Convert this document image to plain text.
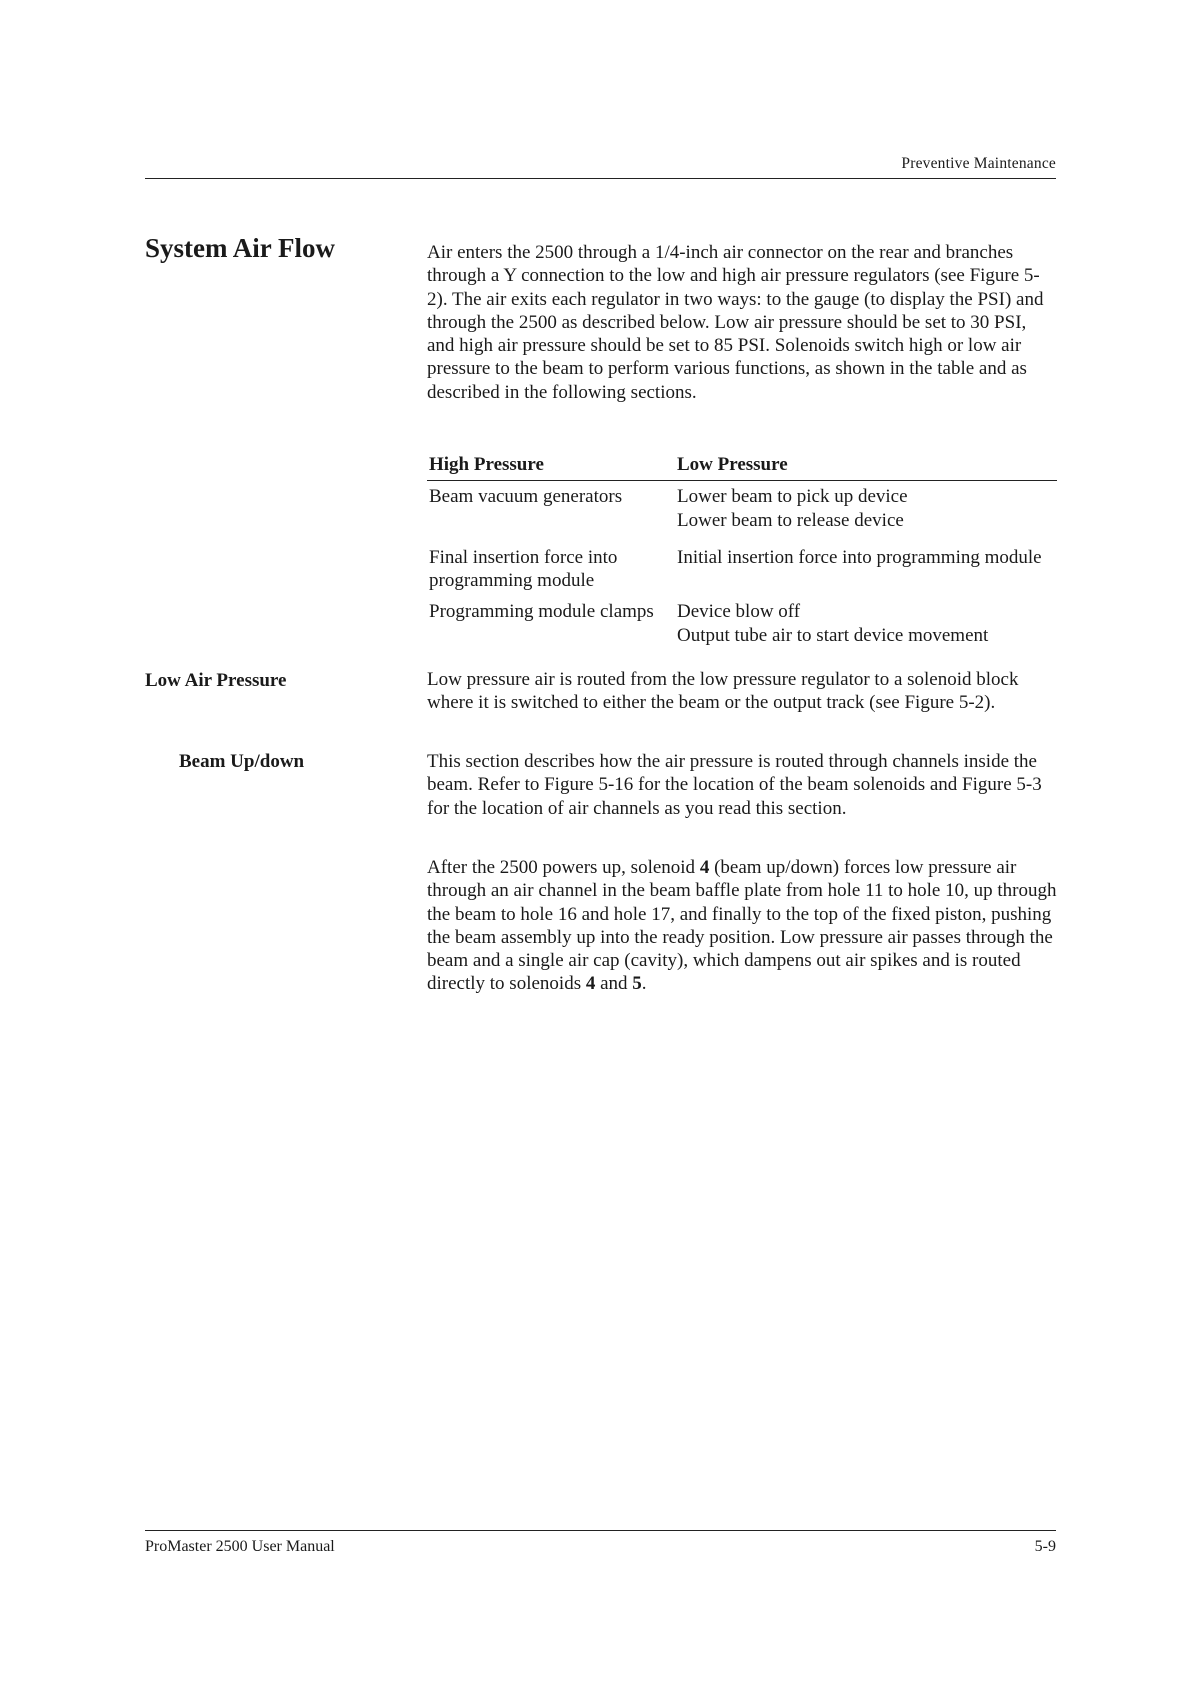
Preventive Maintenance
System Air Flow	Air enters the 2500 through a 1/4-inch air connector on the rear and branches through a Y connection to the low and high air pressure regulators (see Figure 5-2). The air exits each regulator in two ways: to the gauge (to display the PSI) and through the 2500 as described below. Low air pressure should be set to 30 PSI, and high air pressure should be set to 85 PSI. Solenoids switch high or low air pressure to the beam to perform various functions, as shown in the table and as described in the following sections.

High Pressure	Low Pressure
Beam vacuum generators	Lower beam to pick up device
Lower beam to release device

Final insertion force into programming module	Initial insertion force into programming module
Programming module clamps	Device blow off
Output tube air to start device movement
Low Air Pressure	Low pressure air is routed from the low pressure regulator to a solenoid block where it is switched to either the beam or the output track (see Figure 5-2).

Beam Up/down	This section describes how the air pressure is routed through channels inside the beam. Refer to Figure 5-16 for the location of the beam solenoids and Figure 5-3 for the location of air channels as you read this section.

After the 2500 powers up, solenoid 4 (beam up/down) forces low pressure air through an air channel in the beam baffle plate from hole 11 to hole 10, up through the beam to hole 16 and hole 17, and finally to the top of the fixed piston, pushing the beam assembly up into the ready position. Low pressure air passes through the beam and a single air cap (cavity), which dampens out air spikes and is routed directly to solenoids 4 and 5.

ProMaster 2500 User Manual	5-9
